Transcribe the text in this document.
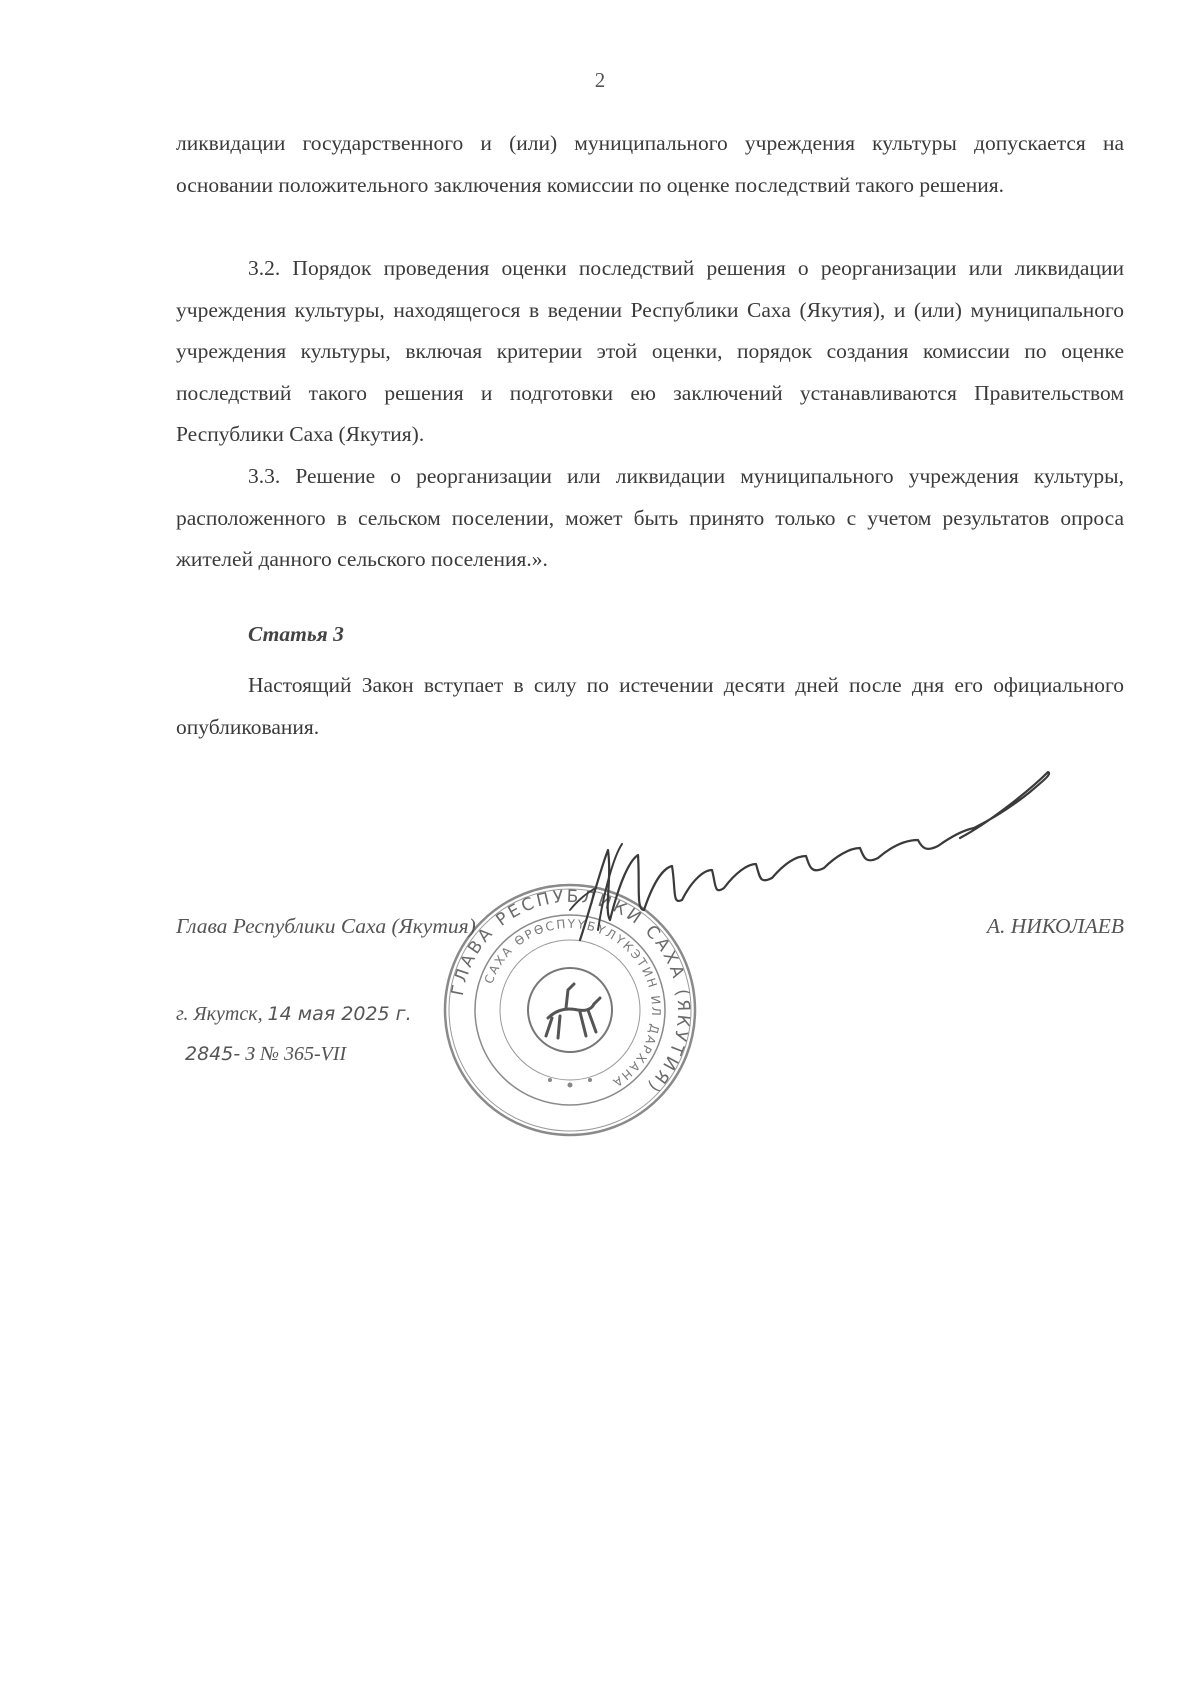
2
ликвидации государственного и (или) муниципального учреждения культуры допускается на основании положительного заключения комиссии по оценке последствий такого решения.
3.2. Порядок проведения оценки последствий решения о реорганизации или ликвидации учреждения культуры, находящегося в ведении Республики Саха (Якутия), и (или) муниципального учреждения культуры, включая критерии этой оценки, порядок создания комиссии по оценке последствий такого решения и подготовки ею заключений устанавливаются Правительством Республики Саха (Якутия).
3.3. Решение о реорганизации или ликвидации муниципального учреждения культуры, расположенного в сельском поселении, может быть принято только с учетом результатов опроса жителей данного сельского поселения.».
Статья 3
Настоящий Закон вступает в силу по истечении десяти дней после дня его официального опубликования.
ГЛАВА РЕСПУБЛИКИ САХА (ЯКУТИЯ)
САХА ӨРӨСПҮҮБҮЛҮКЭТИН ИЛ ДАРХАНА
Глава Республики Саха (Якутия)	А. НИКОЛАЕВ
г. Якутск, 14 мая 2025 г.
2845- З № 365-VII
